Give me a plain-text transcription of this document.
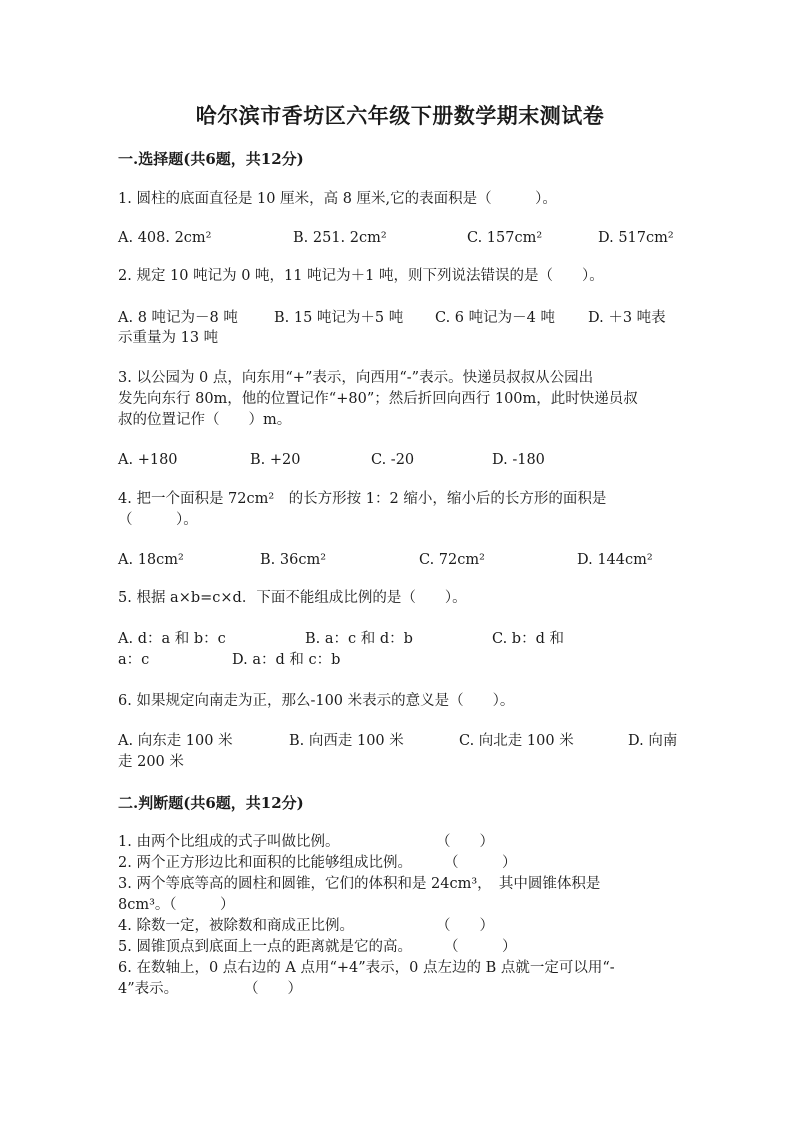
哈尔滨市香坊区六年级下册数学期末测试卷
一.选择题(共6题，共12分)
1. 圆柱的底面直径是 10 厘米，高 8 厘米,它的表面积是（　　　）。
A. 408. 2cm²	B. 251. 2cm²	C. 157cm²	D. 517cm²
2. 规定 10 吨记为 0 吨，11 吨记为＋1 吨，则下列说法错误的是（　　）。
A. 8 吨记为－8 吨 B. 15 吨记为＋5 吨 C. 6 吨记为－4 吨 D. ＋3 吨表
示重量为 13 吨
3. 以公园为 0 点，向东用“+”表示，向西用“-”表示。快递员叔叔从公园出
发先向东行 80m，他的位置记作“+80”；然后折回向西行 100m，此时快递员叔
叔的位置记作（　　）m。
A. +180	B. +20	C. -20	D. -180
4. 把一个面积是 72cm²　的长方形按 1：2 缩小，缩小后的长方形的面积是
（　　　）。
A. 18cm²	B. 36cm²	C. 72cm²	D. 144cm²
5. 根据 a×b=c×d．下面不能组成比例的是（　　）。
A. d：a 和 b：c	B. a：c 和 d：b	C. b：d 和
a：c	D. a：d 和 c：b
6. 如果规定向南走为正，那么-100 米表示的意义是（　　）。
A. 向东走 100 米	B. 向西走 100 米	C. 向北走 100 米	D. 向南
走 200 米
二.判断题(共6题，共12分)
1. 由两个比组成的式子叫做比例。	（　　）
2. 两个正方形边比和面积的比能够组成比例。 （　　　）
3. 两个等底等高的圆柱和圆锥，它们的体积和是 24cm³，　其中圆锥体积是
8cm³。
（　　　）
4. 除数一定，被除数和商成正比例。	（　　）
5. 圆锥顶点到底面上一点的距离就是它的高。 （　　　）
6. 在数轴上，0 点右边的 A 点用“+4”表示，0 点左边的 B 点就一定可以用“-
4”表示。	（　　）
